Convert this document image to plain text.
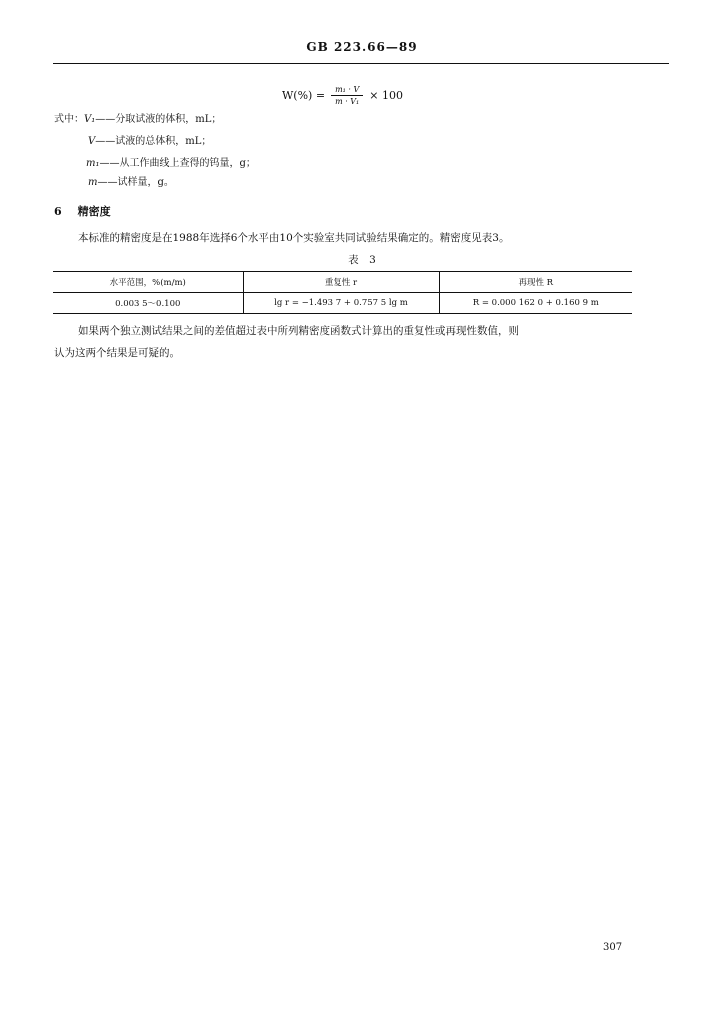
GB 223.66—89
$W(\%) = \frac{\text{m₁ · V}}{\text{m · V₁}} \times 100$
式中：V₁——分取试液的体积，mL；
V——试液的总体积，mL；
m₁——从工作曲线上查得的钨量，g；
m——试样量，g。
6 精密度
本标准的精密度是在1988年选择6个水平由10个实验室共同试验结果确定的。精密度见表3。
表　3
水平范围，%(m/m)	重复性 r	再现性 R
0.003 5～0.100	lg r = −1.493 7 + 0.757 5 lg m	R = 0.000 162 0 + 0.160 9 m
如果两个独立测试结果之间的差值超过表中所列精密度函数式计算出的重复性或再现性数值，则
认为这两个结果是可疑的。
307
